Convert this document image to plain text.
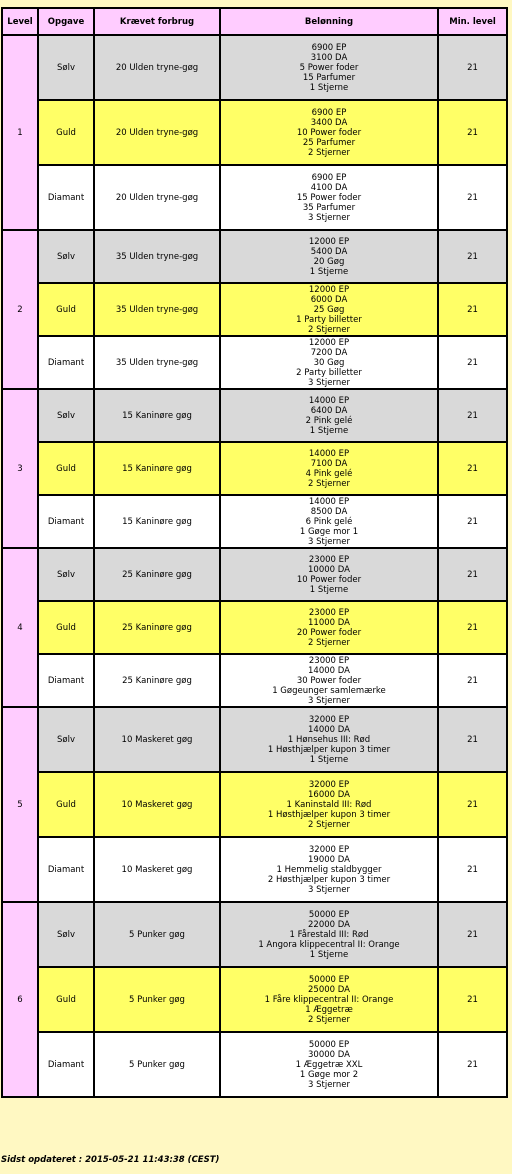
Level	Opgave	Krævet forbrug	Belønning	Min. level
1	Sølv	20 Ulden tryne-gøg	6900 EP
3100 DA
5 Power foder
15 Parfumer
1 Stjerne	21
	Guld	20 Ulden tryne-gøg	6900 EP
3400 DA
10 Power foder
25 Parfumer
2 Stjerner	21
	Diamant	20 Ulden tryne-gøg	6900 EP
4100 DA
15 Power foder
35 Parfumer
3 Stjerner	21
2	Sølv	35 Ulden tryne-gøg	12000 EP
5400 DA
20 Gøg
1 Stjerne	21
	Guld	35 Ulden tryne-gøg	12000 EP
6000 DA
25 Gøg
1 Party billetter
2 Stjerner	21
	Diamant	35 Ulden tryne-gøg	12000 EP
7200 DA
30 Gøg
2 Party billetter
3 Stjerner	21
3	Sølv	15 Kaninøre gøg	14000 EP
6400 DA
2 Pink gelé
1 Stjerne	21
	Guld	15 Kaninøre gøg	14000 EP
7100 DA
4 Pink gelé
2 Stjerner	21
	Diamant	15 Kaninøre gøg	14000 EP
8500 DA
6 Pink gelé
1 Gøge mor 1
3 Stjerner	21
4	Sølv	25 Kaninøre gøg	23000 EP
10000 DA
10 Power foder
1 Stjerne	21
	Guld	25 Kaninøre gøg	23000 EP
11000 DA
20 Power foder
2 Stjerner	21
	Diamant	25 Kaninøre gøg	23000 EP
14000 DA
30 Power foder
1 Gøgeunger samlemærke
3 Stjerner	21
5	Sølv	10 Maskeret gøg	32000 EP
14000 DA
1 Hønsehus III: Rød
1 Høsthjælper kupon 3 timer
1 Stjerne	21
	Guld	10 Maskeret gøg	32000 EP
16000 DA
1 Kaninstald III: Rød
1 Høsthjælper kupon 3 timer
2 Stjerner	21
	Diamant	10 Maskeret gøg	32000 EP
19000 DA
1 Hemmelig staldbygger
2 Høsthjælper kupon 3 timer
3 Stjerner	21
6	Sølv	5 Punker gøg	50000 EP
22000 DA
1 Fårestald III: Rød
1 Angora klippecentral II: Orange
1 Stjerne	21
	Guld	5 Punker gøg	50000 EP
25000 DA
1 Fåre klippecentral II: Orange
1 Æggetræ
2 Stjerner	21
	Diamant	5 Punker gøg	50000 EP
30000 DA
1 Æggetræ XXL
1 Gøge mor 2
3 Stjerner	21
Sidst opdateret : 2015-05-21 11:43:38 (CEST)
